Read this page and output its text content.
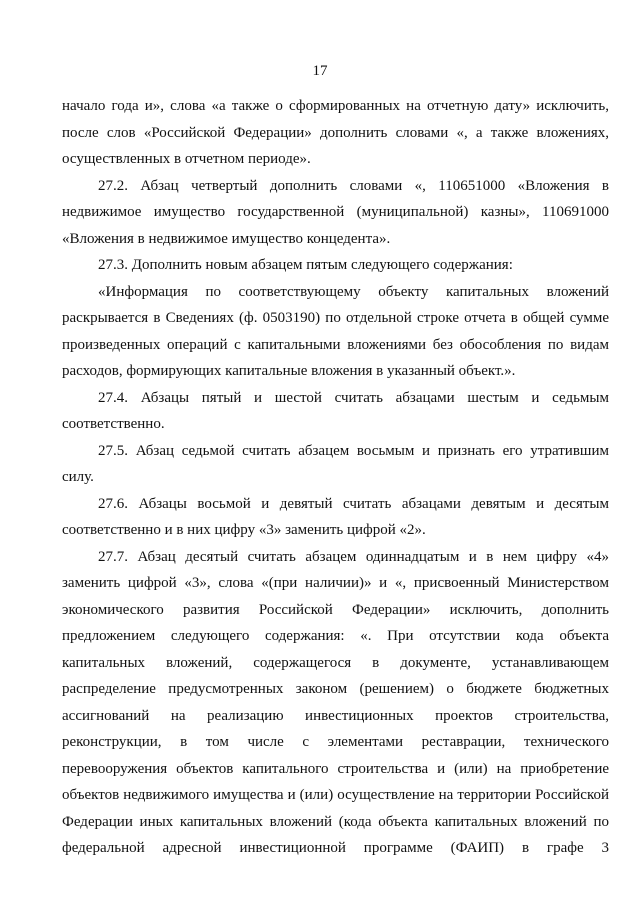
17

начало года и», слова «а также о сформированных на отчетную дату» исключить, после слов «Российской Федерации» дополнить словами «, а также вложениях, осуществленных в отчетном периоде».

27.2. Абзац четвертый дополнить словами «, 110651000 «Вложения в недвижимое имущество государственной (муниципальной) казны», 110691000 «Вложения в недвижимое имущество концедента».

27.3. Дополнить новым абзацем пятым следующего содержания:

«Информация по соответствующему объекту капитальных вложений раскрывается в Сведениях (ф. 0503190) по отдельной строке отчета в общей сумме произведенных операций с капитальными вложениями без обособления по видам расходов, формирующих капитальные вложения в указанный объект.».

27.4. Абзацы пятый и шестой считать абзацами шестым и седьмым соответственно.

27.5. Абзац седьмой считать абзацем восьмым и признать его утратившим силу.

27.6. Абзацы восьмой и девятый считать абзацами девятым и десятым соответственно и в них цифру «3» заменить цифрой «2».

27.7. Абзац десятый считать абзацем одиннадцатым и в нем цифру «4» заменить цифрой «3», слова «(при наличии)» и «, присвоенный Министерством экономического развития Российской Федерации» исключить, дополнить предложением следующего содержания: «. При отсутствии кода объекта капитальных вложений, содержащегося в документе, устанавливающем распределение предусмотренных законом (решением) о бюджете бюджетных ассигнований на реализацию инвестиционных проектов строительства, реконструкции, в том числе с элементами реставрации, технического перевооружения объектов капитального строительства и (или) на приобретение объектов недвижимого имущества и (или) осуществление на территории Российской Федерации иных капитальных вложений (кода объекта капитальных вложений по федеральной адресной инвестиционной программе (ФАИП) в графе 3
